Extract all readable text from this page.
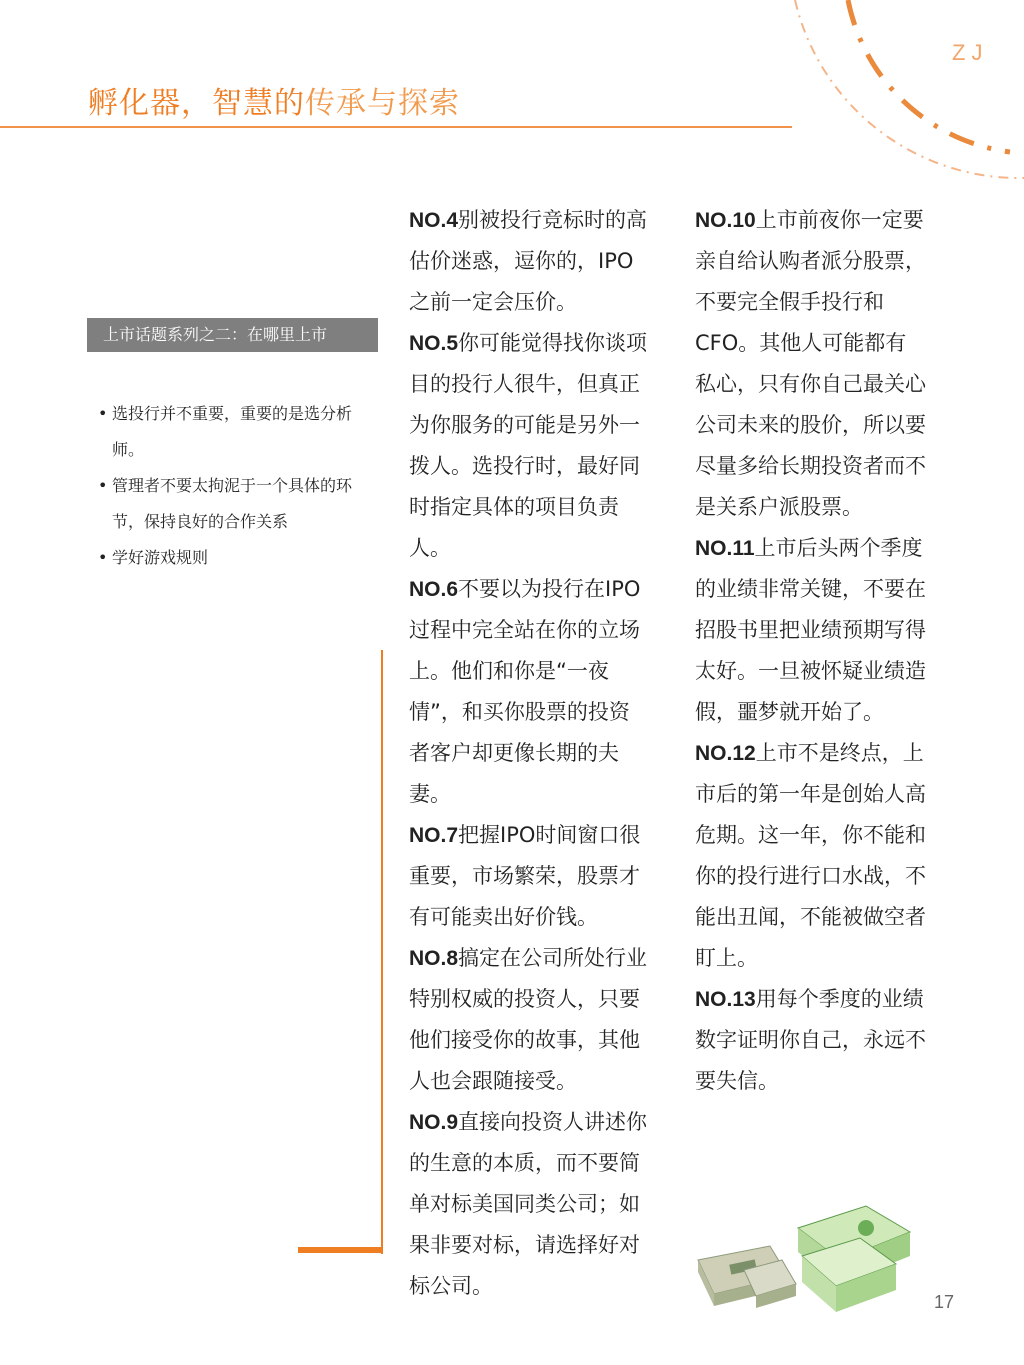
ZJ
孵化器，智慧的传承与探索
上市话题系列之二：在哪里上市
• 选投行并不重要，重要的是选分析师。
• 管理者不要太拘泥于一个具体的环节，保持良好的合作关系
• 学好游戏规则

NO.4别被投行竞标时的高估价迷惑，逗你的，IPO之前一定会压价。

NO.5你可能觉得找你谈项目的投行人很牛，但真正为你服务的可能是另外一拨人。选投行时，最好同时指定具体的项目负责人。

NO.6不要以为投行在IPO过程中完全站在你的立场上。他们和你是“一夜情”，和买你股票的投资者客户却更像长期的夫妻。

NO.7把握IPO时间窗口很重要，市场繁荣，股票才有可能卖出好价钱。

NO.8搞定在公司所处行业特别权威的投资人，只要他们接受你的故事，其他人也会跟随接受。

NO.9直接向投资人讲述你的生意的本质，而不要简单对标美国同类公司；如果非要对标，请选择好对标公司。

NO.10上市前夜你一定要亲自给认购者派分股票，不要完全假手投行和CFO。其他人可能都有私心，只有你自己最关心公司未来的股价，所以要尽量多给长期投资者而不是关系户派股票。

NO.11上市后头两个季度的业绩非常关键，不要在招股书里把业绩预期写得太好。一旦被怀疑业绩造假，噩梦就开始了。

NO.12上市不是终点，上市后的第一年是创始人高危期。这一年，你不能和你的投行进行口水战，不能出丑闻，不能被做空者盯上。

NO.13用每个季度的业绩数字证明你自己，永远不要失信。

17
